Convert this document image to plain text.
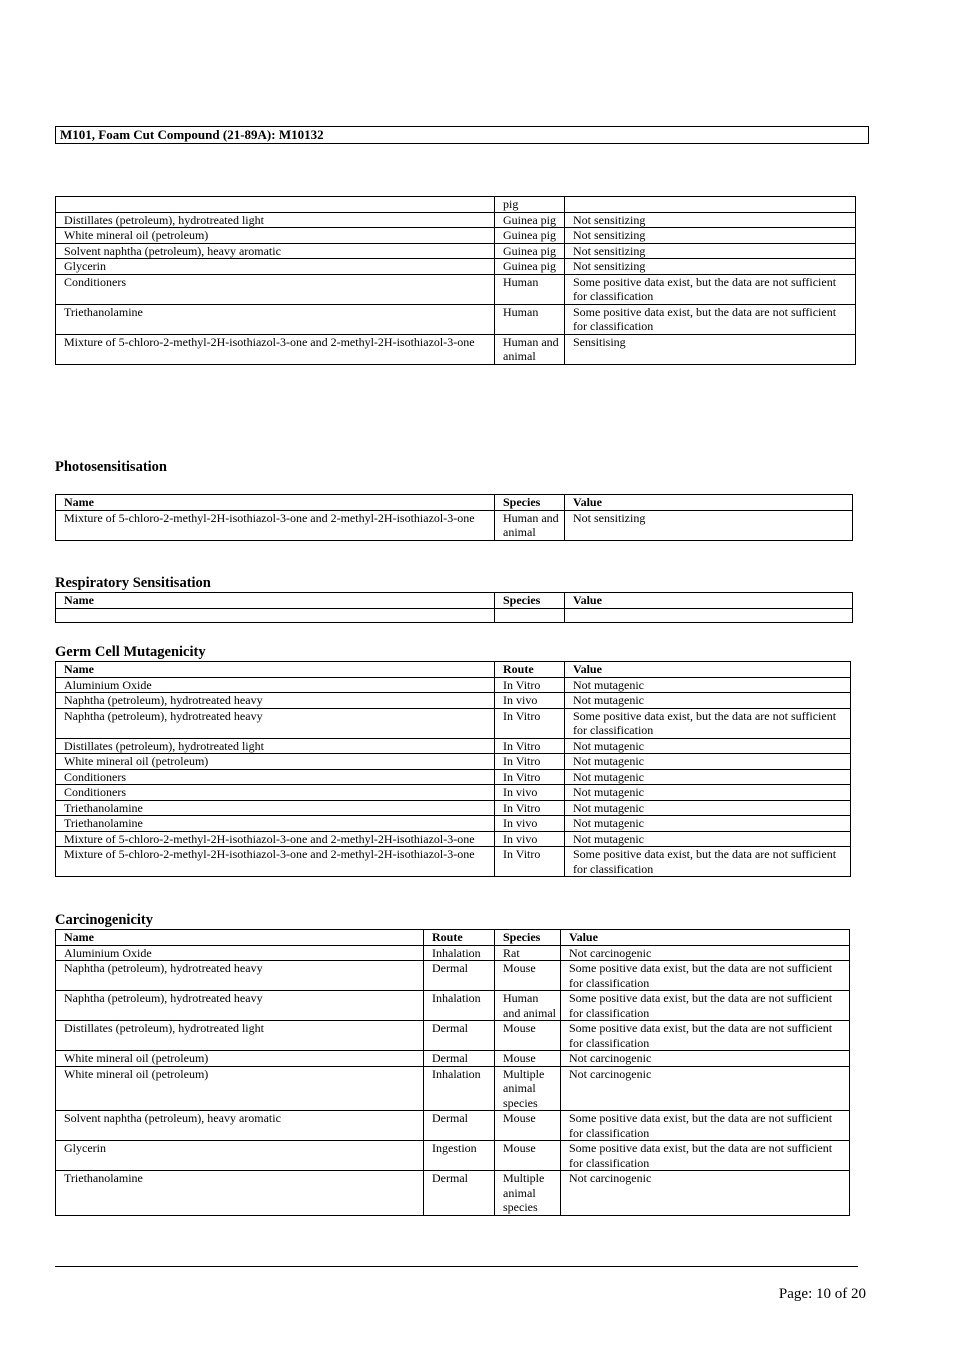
M101, Foam Cut Compound (21-89A): M10132
	pig	
Distillates (petroleum), hydrotreated light	Guinea pig	Not sensitizing
White mineral oil (petroleum)	Guinea pig	Not sensitizing
Solvent naphtha (petroleum), heavy aromatic	Guinea pig	Not sensitizing
Glycerin	Guinea pig	Not sensitizing
Conditioners	Human	Some positive data exist, but the data are not sufficient for classification
Triethanolamine	Human	Some positive data exist, but the data are not sufficient for classification
Mixture of 5-chloro-2-methyl-2H-isothiazol-3-one and 2-methyl-2H-isothiazol-3-one	Human and animal	Sensitising
Photosensitisation
Name	Species	Value
Mixture of 5-chloro-2-methyl-2H-isothiazol-3-one and 2-methyl-2H-isothiazol-3-one	Human and animal	Not sensitizing
Respiratory Sensitisation
Name	Species	Value

Germ Cell Mutagenicity
Name	Route	Value
Aluminium Oxide	In Vitro	Not mutagenic
Naphtha (petroleum), hydrotreated heavy	In vivo	Not mutagenic
Naphtha (petroleum), hydrotreated heavy	In Vitro	Some positive data exist, but the data are not sufficient for classification
Distillates (petroleum), hydrotreated light	In Vitro	Not mutagenic
White mineral oil (petroleum)	In Vitro	Not mutagenic
Conditioners	In Vitro	Not mutagenic
Conditioners	In vivo	Not mutagenic
Triethanolamine	In Vitro	Not mutagenic
Triethanolamine	In vivo	Not mutagenic
Mixture of 5-chloro-2-methyl-2H-isothiazol-3-one and 2-methyl-2H-isothiazol-3-one	In vivo	Not mutagenic
Mixture of 5-chloro-2-methyl-2H-isothiazol-3-one and 2-methyl-2H-isothiazol-3-one	In Vitro	Some positive data exist, but the data are not sufficient for classification
Carcinogenicity
Name	Route	Species	Value
Aluminium Oxide	Inhalation	Rat	Not carcinogenic
Naphtha (petroleum), hydrotreated heavy	Dermal	Mouse	Some positive data exist, but the data are not sufficient for classification
Naphtha (petroleum), hydrotreated heavy	Inhalation	Human and animal	Some positive data exist, but the data are not sufficient for classification
Distillates (petroleum), hydrotreated light	Dermal	Mouse	Some positive data exist, but the data are not sufficient for classification
White mineral oil (petroleum)	Dermal	Mouse	Not carcinogenic
White mineral oil (petroleum)	Inhalation	Multiple animal species	Not carcinogenic
Solvent naphtha (petroleum), heavy aromatic	Dermal	Mouse	Some positive data exist, but the data are not sufficient for classification
Glycerin	Ingestion	Mouse	Some positive data exist, but the data are not sufficient for classification
Triethanolamine	Dermal	Multiple animal species	Not carcinogenic
Page: 10 of 20
